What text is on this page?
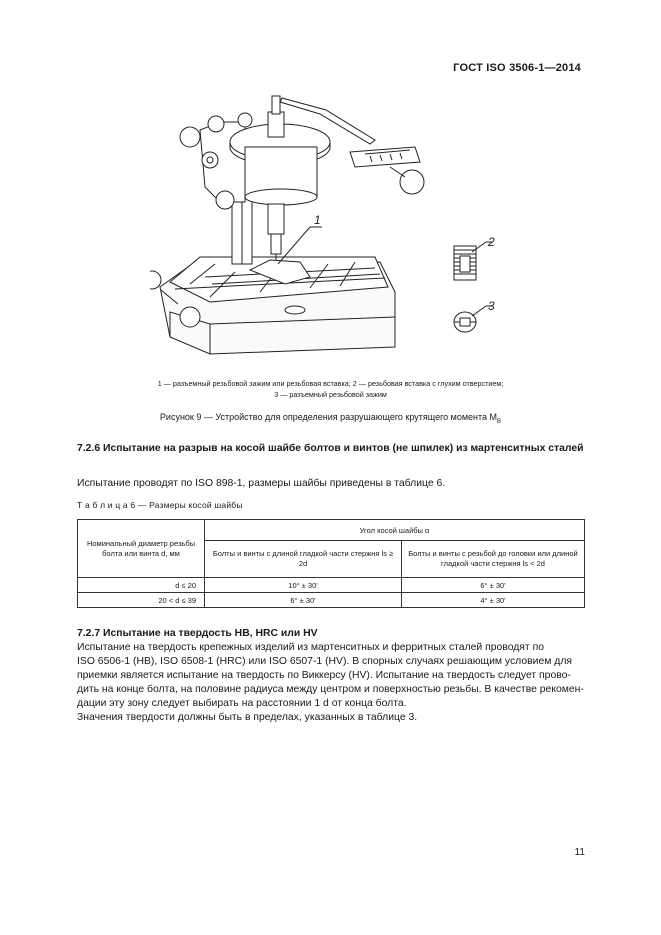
ГОСТ ISO 3506-1—2014
1
2
3
1 — разъемный резьбовой зажим или резьбовая вставка; 2 — резьбовая вставка с глухим отверстием;
3 — разъемный резьбовой зажим
Рисунок 9 — Устройство для определения разрушающего крутящего момента $M_B$
7.2.6 Испытание на разрыв на косой шайбе болтов и винтов (не шпилек) из мартенситных сталей
Испытание проводят по ISO 898-1, размеры шайбы приведены в таблице 6.
Т а б л и ц а 6 — Размеры косой шайбы
Номинальный диаметр резьбы болта или винта d, мм	Угол косой шайбы α	
	Болты и винты с длиной гладкой части стержня ls ≥ 2d	Болты и винты с резьбой до головки или длиной гладкой части стержня ls < 2d
d ≤ 20	10° ± 30'	6° ± 30'
20 < d ≤ 39	6° ± 30'	4° ± 30'
7.2.7 Испытание на твердость HB, HRC или HV
Испытание на твердость крепежных изделий из мартенситных и ферритных сталей проводят по
ISO 6506-1 (HB), ISO 6508-1 (HRC) или ISO 6507-1 (HV). В спорных случаях решающим условием для
приемки является испытание на твердость по Виккерсу (HV). Испытание на твердость следует прово-
дить на конце болта, на половине радиуса между центром и поверхностью резьбы. В качестве рекомен-
дации эту зону следует выбирать на расстоянии 1 d от конца болта.
Значения твердости должны быть в пределах, указанных в таблице 3.
11
